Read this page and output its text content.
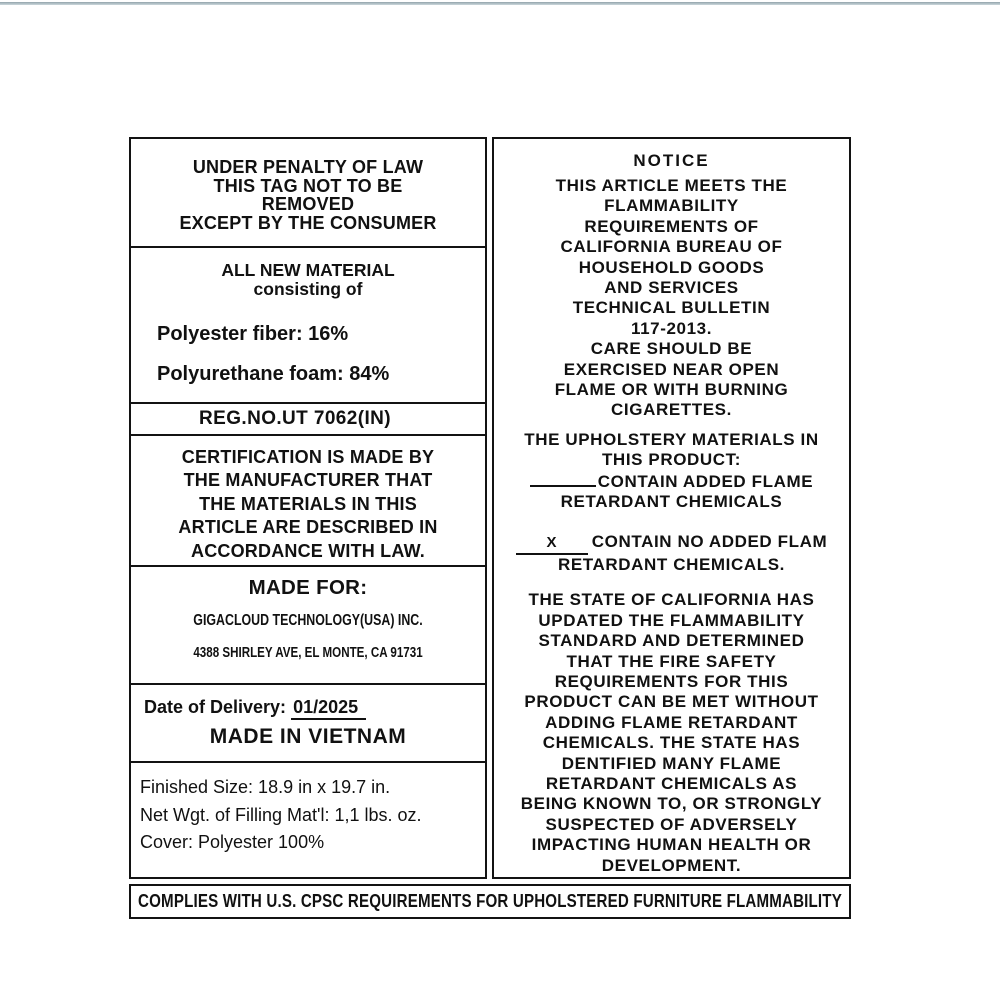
UNDER PENALTY OF LAW
THIS TAG NOT TO BE
REMOVED
EXCEPT BY THE CONSUMER
ALL NEW MATERIAL
consisting of
Polyester fiber: 16%
Polyurethane foam: 84%
REG.NO.UT 7062(IN)
CERTIFICATION IS MADE BY
THE MANUFACTURER THAT
THE MATERIALS IN THIS
ARTICLE ARE DESCRIBED IN
ACCORDANCE WITH LAW.
MADE FOR:
GIGACLOUD TECHNOLOGY(USA) INC.
4388 SHIRLEY AVE, EL MONTE, CA 91731
Date of Delivery: 01/2025
MADE IN VIETNAM
Finished Size: 18.9 in x 19.7 in.
Net Wgt. of Filling Mat'l: 1,1 lbs. oz.
Cover: Polyester 100%
NOTICE
THIS ARTICLE MEETS THE
FLAMMABILITY
REQUIREMENTS OF
CALIFORNIA BUREAU OF
HOUSEHOLD GOODS
AND SERVICES
TECHNICAL BULLETIN
117-2013.
CARE SHOULD BE
EXERCISED NEAR OPEN
FLAME OR WITH BURNING
CIGARETTES.
THE UPHOLSTERY MATERIALS IN
THIS PRODUCT:
CONTAIN ADDED FLAME
RETARDANT CHEMICALS
X CONTAIN NO ADDED FLAM
RETARDANT CHEMICALS.
THE STATE OF CALIFORNIA HAS
UPDATED THE FLAMMABILITY
STANDARD AND DETERMINED
THAT THE FIRE SAFETY
REQUIREMENTS FOR THIS
PRODUCT CAN BE MET WITHOUT
ADDING FLAME RETARDANT
CHEMICALS. THE STATE HAS
DENTIFIED MANY FLAME
RETARDANT CHEMICALS AS
BEING KNOWN TO, OR STRONGLY
SUSPECTED OF ADVERSELY
IMPACTING HUMAN HEALTH OR
DEVELOPMENT.
COMPLIES WITH U.S. CPSC REQUIREMENTS FOR UPHOLSTERED FURNITURE FLAMMABILITY
